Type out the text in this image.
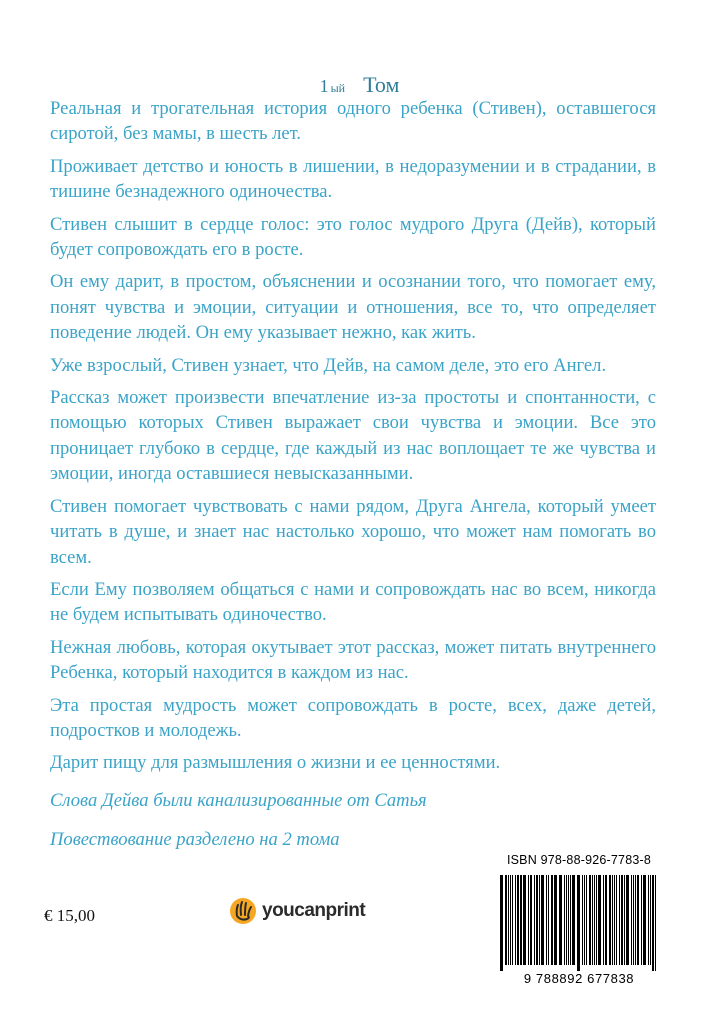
1 ый Том

Реальная и трогательная история одного ребенка (Стивен), оставшегося сиротой, без мамы, в шесть лет.

Проживает детство и юность в лишении, в недоразумении и в страдании, в тишине безнадежного одиночества.

Стивен слышит в сердце голос: это голос мудрого Друга (Дейв), который будет сопровождать его в росте.

Он ему дарит, в простом, объяснении и осознании того, что помогает ему, понят чувства и эмоции, ситуации и отношения, все то, что определяет поведение людей. Он ему указывает нежно, как жить.

Уже взрослый, Стивен узнает, что Дейв, на самом деле, это его Ангел.

Рассказ может произвести впечатление из-за простоты и спонтанности, с помощью которых Стивен выражает свои чувства и эмоции. Все это проницает глубоко в сердце, где каждый из нас воплощает те же чувства и эмоции, иногда оставшиеся невысказанными.

Стивен помогает чувствовать с нами рядом, Друга Ангела, который умеет читать в душе, и знает нас настолько хорошо, что может нам помогать во всем.

Если Ему позволяем общаться с нами и сопровождать нас во всем, никогда не будем испытывать одиночество.

Нежная любовь, которая окутывает этот рассказ, может питать внутреннего Ребенка, который находится в каждом из нас.

Эта простая мудрость может сопровождать в росте, всех, даже детей, подростков и молодежь.

Дарит пищу для размышления о жизни и ее ценностями.

Слова Дейва были канализированные от Сатья

Повествование разделено на 2 тома

€ 15,00	youcanprint
ISBN 978-88-926-7783-8
9 788892 677838
